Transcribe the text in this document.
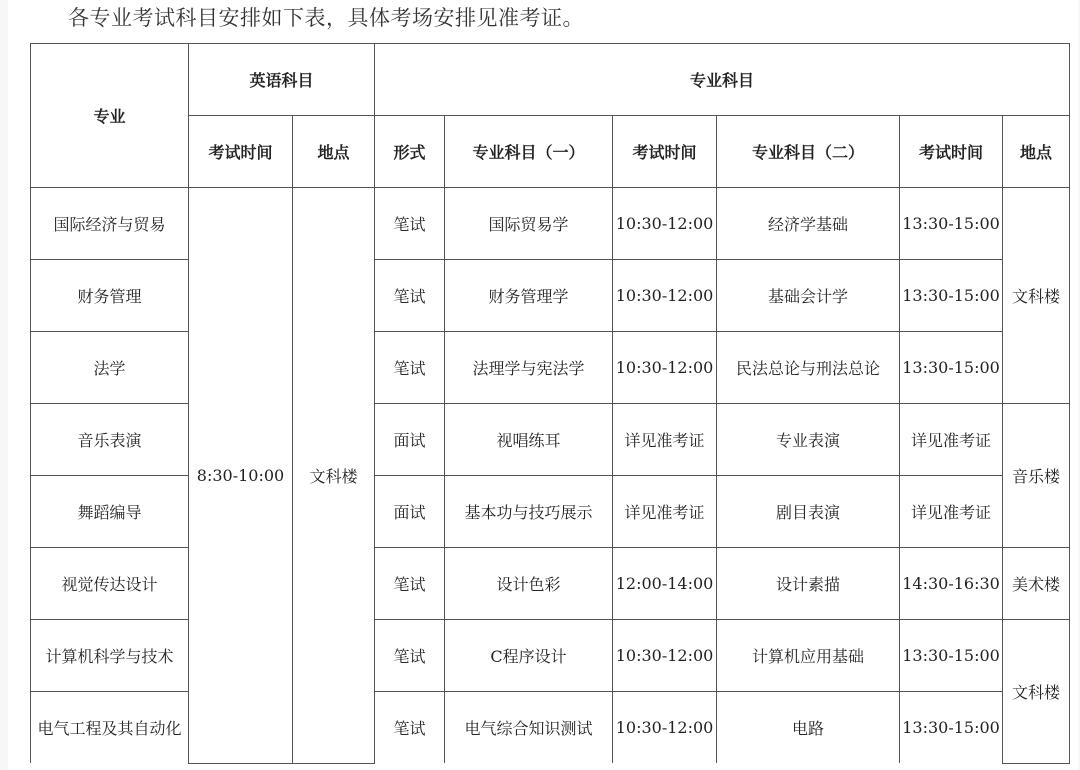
各专业考试科目安排如下表，具体考场安排见准考证。
专业	英语科目		专业科目					
	考试时间	地点	形式	专业科目（一）	考试时间	专业科目（二）	考试时间	地点
国际经济与贸易	8:30-10:00	文科楼	笔试	国际贸易学	10:30-12:00	经济学基础	13:30-15:00	文科楼
财务管理			笔试	财务管理学	10:30-12:00	基础会计学	13:30-15:00	
法学			笔试	法理学与宪法学	10:30-12:00	民法总论与刑法总论	13:30-15:00	
音乐表演			面试	视唱练耳	详见准考证	专业表演	详见准考证	音乐楼
舞蹈编导			面试	基本功与技巧展示	详见准考证	剧目表演	详见准考证	
视觉传达设计			笔试	设计色彩	12:00-14:00	设计素描	14:30-16:30	美术楼
计算机科学与技术			笔试	C程序设计	10:30-12:00	计算机应用基础	13:30-15:00	文科楼
电气工程及其自动化			笔试	电气综合知识测试	10:30-12:00	电路	13:30-15:00	
